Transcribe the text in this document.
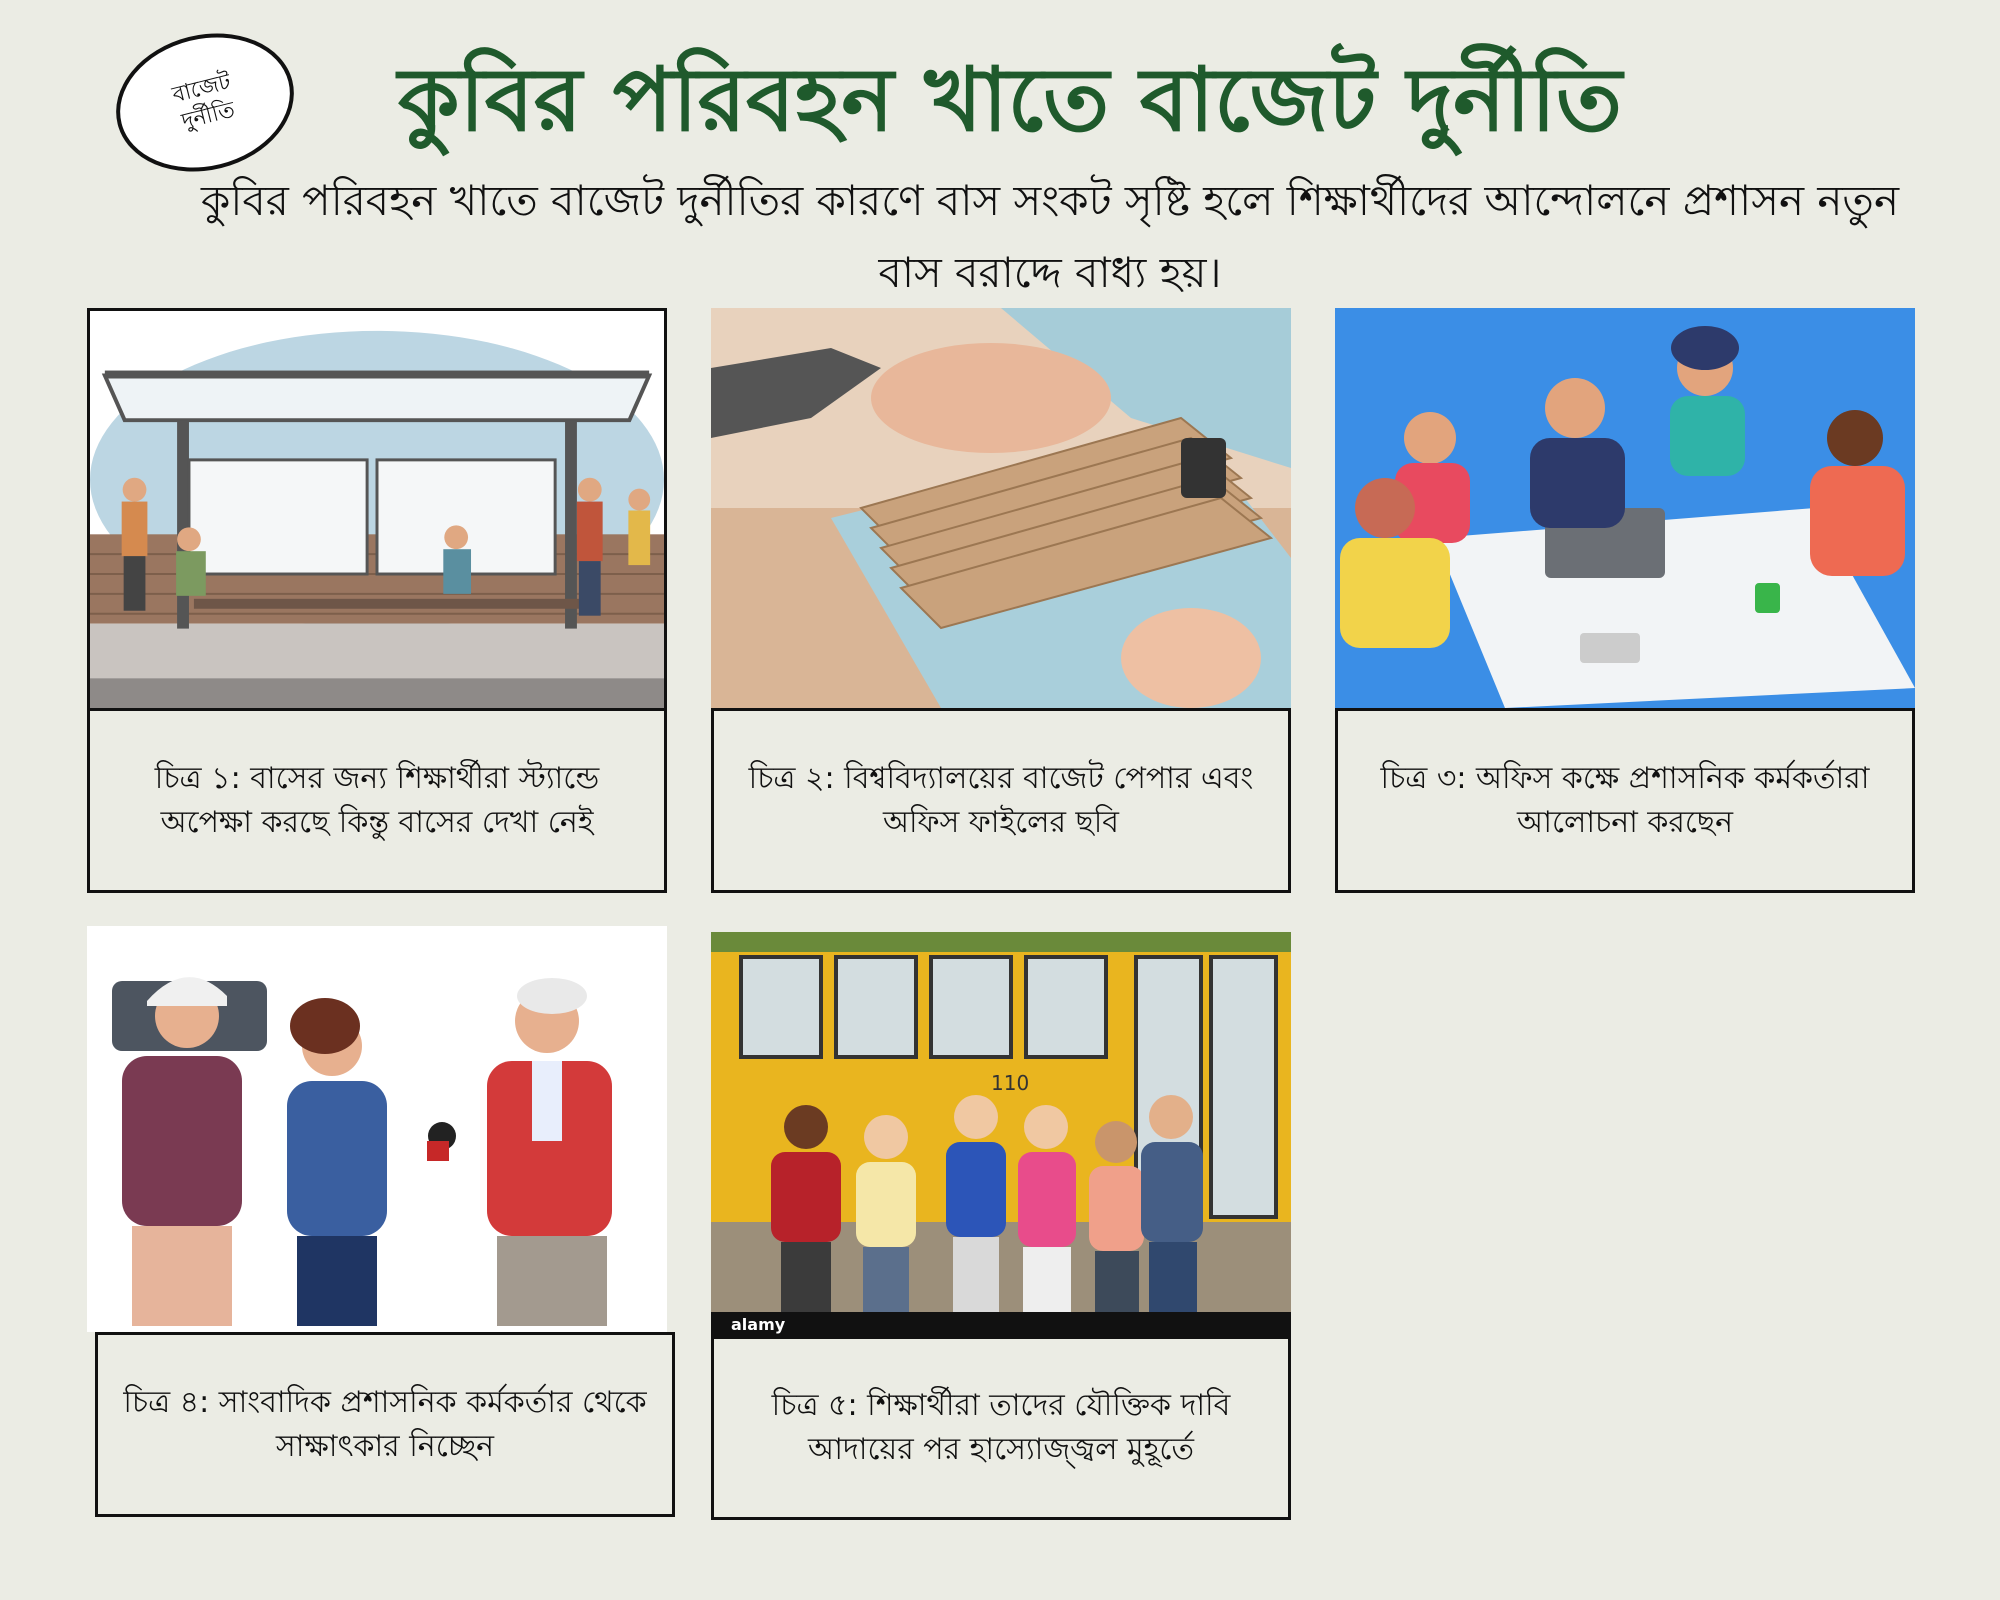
বাজেট
দুর্নীতি	কুবির পরিবহন খাতে বাজেট দুর্নীতি

কুবির পরিবহন খাতে বাজেট দুর্নীতির কারণে বাস সংকট সৃষ্টি হলে শিক্ষার্থীদের আন্দোলনে প্রশাসন নতুন বাস বরাদ্দে বাধ্য হয়।

চিত্র ১: বাসের জন্য শিক্ষার্থীরা স্ট্যান্ডে অপেক্ষা করছে কিন্তু বাসের দেখা নেই
চিত্র ২: বিশ্ববিদ্যালয়ের বাজেট পেপার এবং অফিস ফাইলের ছবি
চিত্র ৩: অফিস কক্ষে প্রশাসনিক কর্মকর্তারা আলোচনা করছেন
চিত্র ৪: সাংবাদিক প্রশাসনিক কর্মকর্তার থেকে সাক্ষাৎকার নিচ্ছেন
110
alamy
চিত্র ৫: শিক্ষার্থীরা তাদের যৌক্তিক দাবি আদায়ের পর হাস্যোজ্জ্বল মুহূর্তে
